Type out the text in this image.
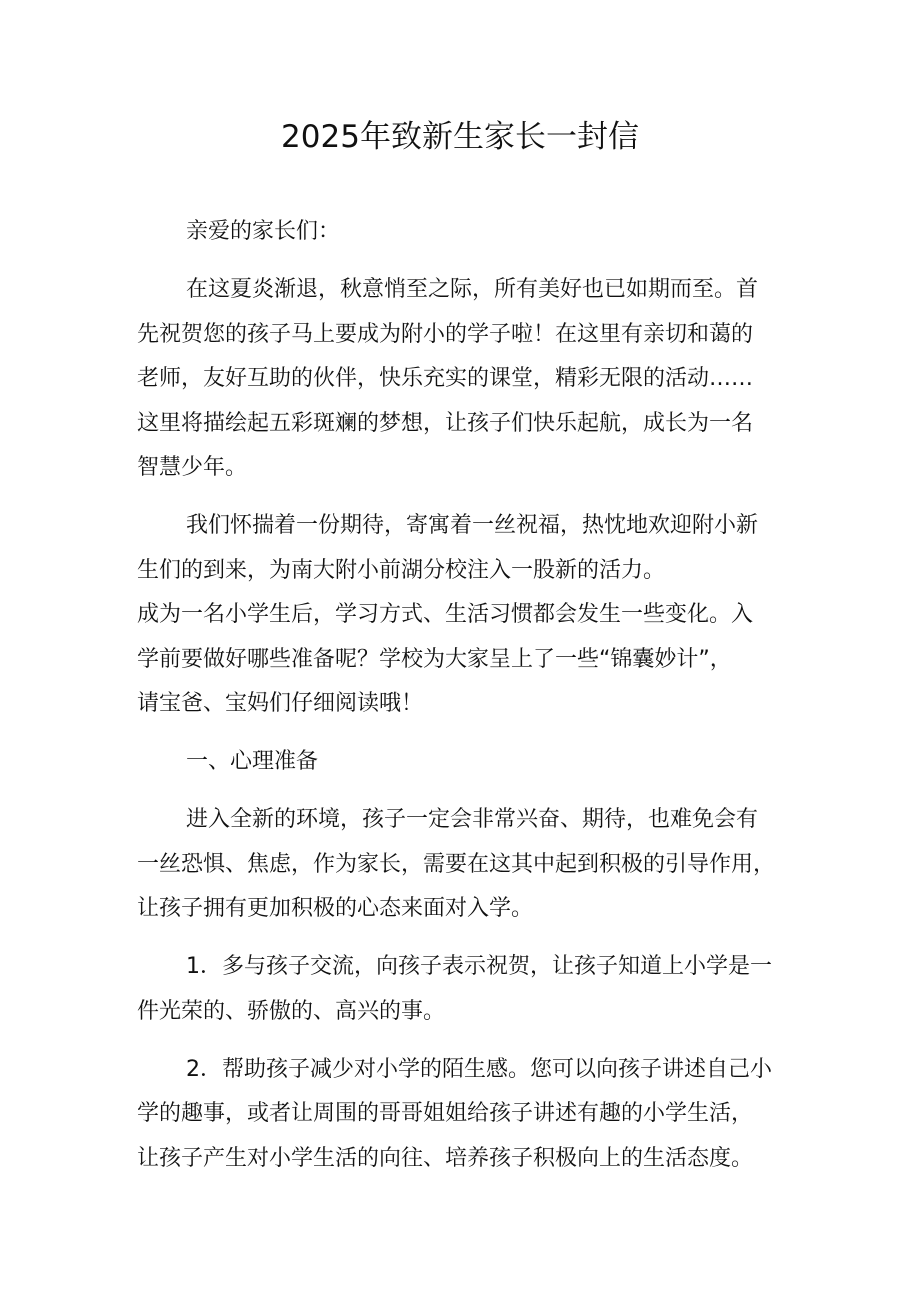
2025年致新生家长一封信
亲爱的家长们：
在这夏炎渐退，秋意悄至之际，所有美好也已如期而至。首
先祝贺您的孩子马上要成为附小的学子啦！在这里有亲切和蔼的
老师，友好互助的伙伴，快乐充实的课堂，精彩无限的活动……
这里将描绘起五彩斑斓的梦想，让孩子们快乐起航，成长为一名
智慧少年。
我们怀揣着一份期待，寄寓着一丝祝福，热忱地欢迎附小新
生们的到来，为南大附小前湖分校注入一股新的活力。
成为一名小学生后，学习方式、生活习惯都会发生一些变化。入
学前要做好哪些准备呢？学校为大家呈上了一些“锦囊妙计”，
请宝爸、宝妈们仔细阅读哦！
一、心理准备
进入全新的环境，孩子一定会非常兴奋、期待，也难免会有
一丝恐惧、焦虑，作为家长，需要在这其中起到积极的引导作用，
让孩子拥有更加积极的心态来面对入学。
1．多与孩子交流，向孩子表示祝贺，让孩子知道上小学是一
件光荣的、骄傲的、高兴的事。
2．帮助孩子减少对小学的陌生感。您可以向孩子讲述自己小
学的趣事，或者让周围的哥哥姐姐给孩子讲述有趣的小学生活，
让孩子产生对小学生活的向往、培养孩子积极向上的生活态度。
